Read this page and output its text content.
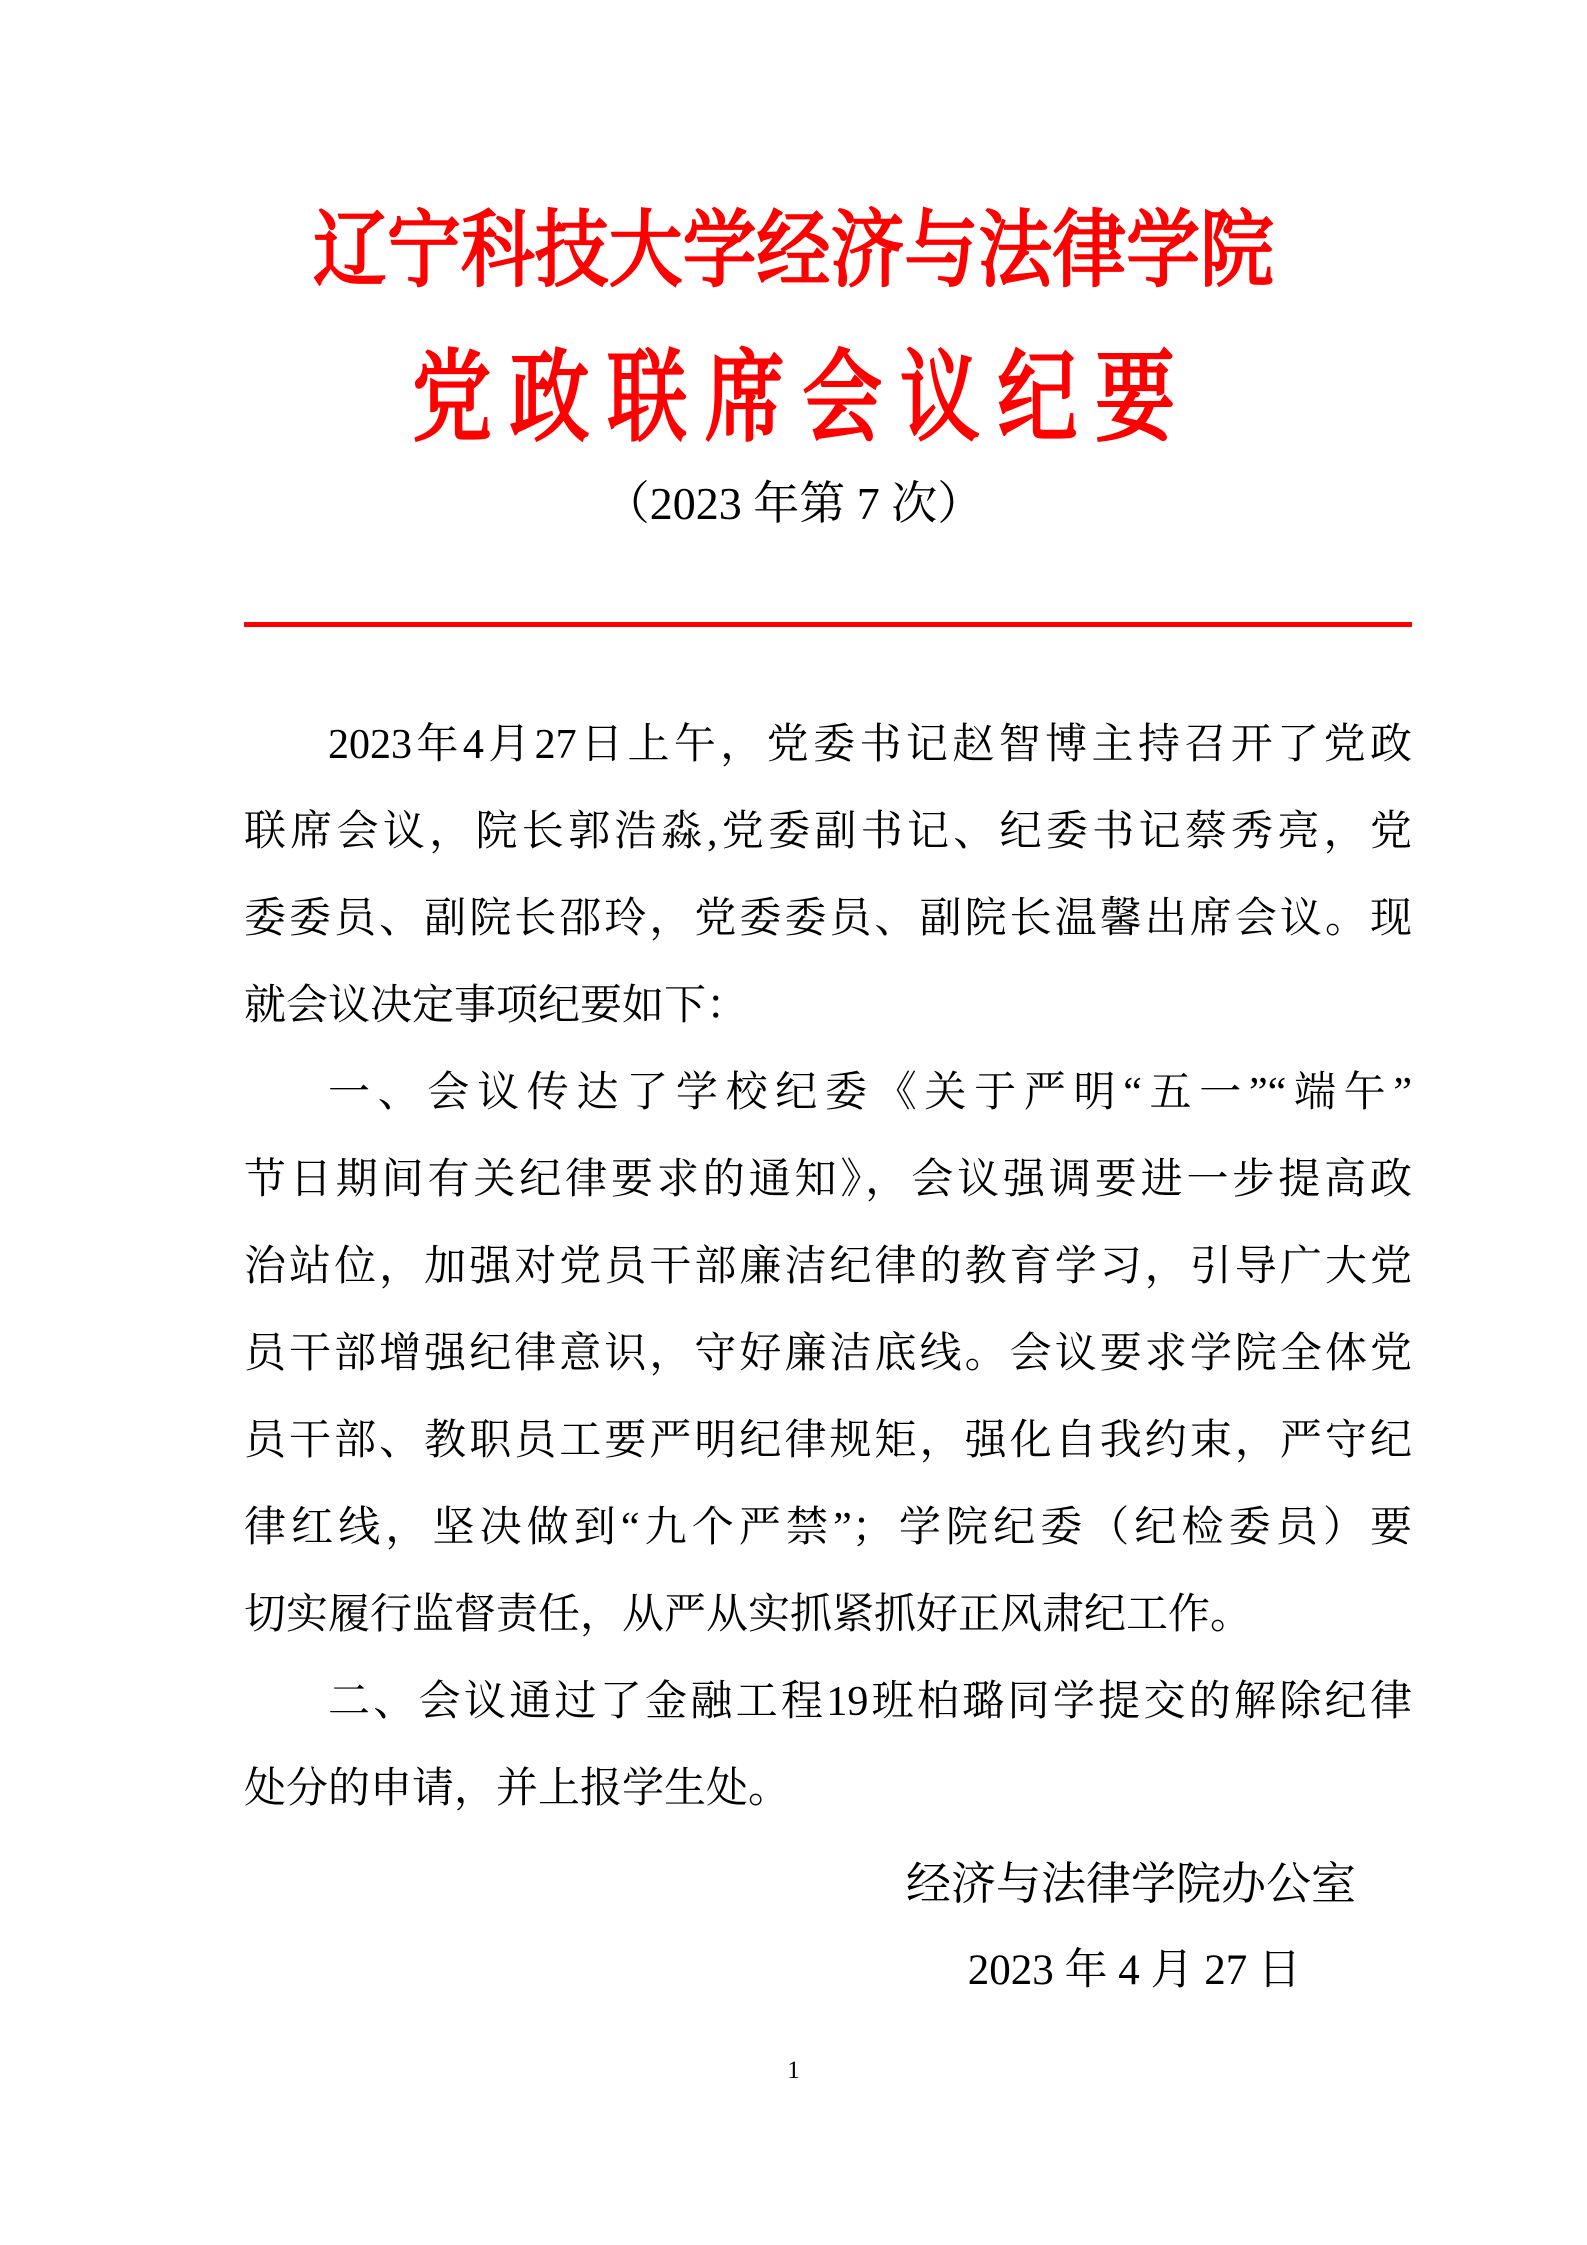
辽宁科技大学经济与法律学院
党政联席会议纪要
（2023 年第 7 次）
2023年4月27日上午，党委书记赵智博主持召开了党政
联席会议，院长郭浩淼,党委副书记、纪委书记蔡秀亮，党
委委员、副院长邵玲，党委委员、副院长温馨出席会议。现
就会议决定事项纪要如下：
一、会议传达了学校纪委《关于严明“五一”“端午”
节日期间有关纪律要求的通知》，会议强调要进一步提高政
治站位，加强对党员干部廉洁纪律的教育学习，引导广大党
员干部增强纪律意识，守好廉洁底线。会议要求学院全体党
员干部、教职员工要严明纪律规矩，强化自我约束，严守纪
律红线，坚决做到“九个严禁”；学院纪委（纪检委员）要
切实履行监督责任，从严从实抓紧抓好正风肃纪工作。
二、会议通过了金融工程19班柏璐同学提交的解除纪律
处分的申请，并上报学生处。
经济与法律学院办公室
2023 年 4 月 27 日
1
